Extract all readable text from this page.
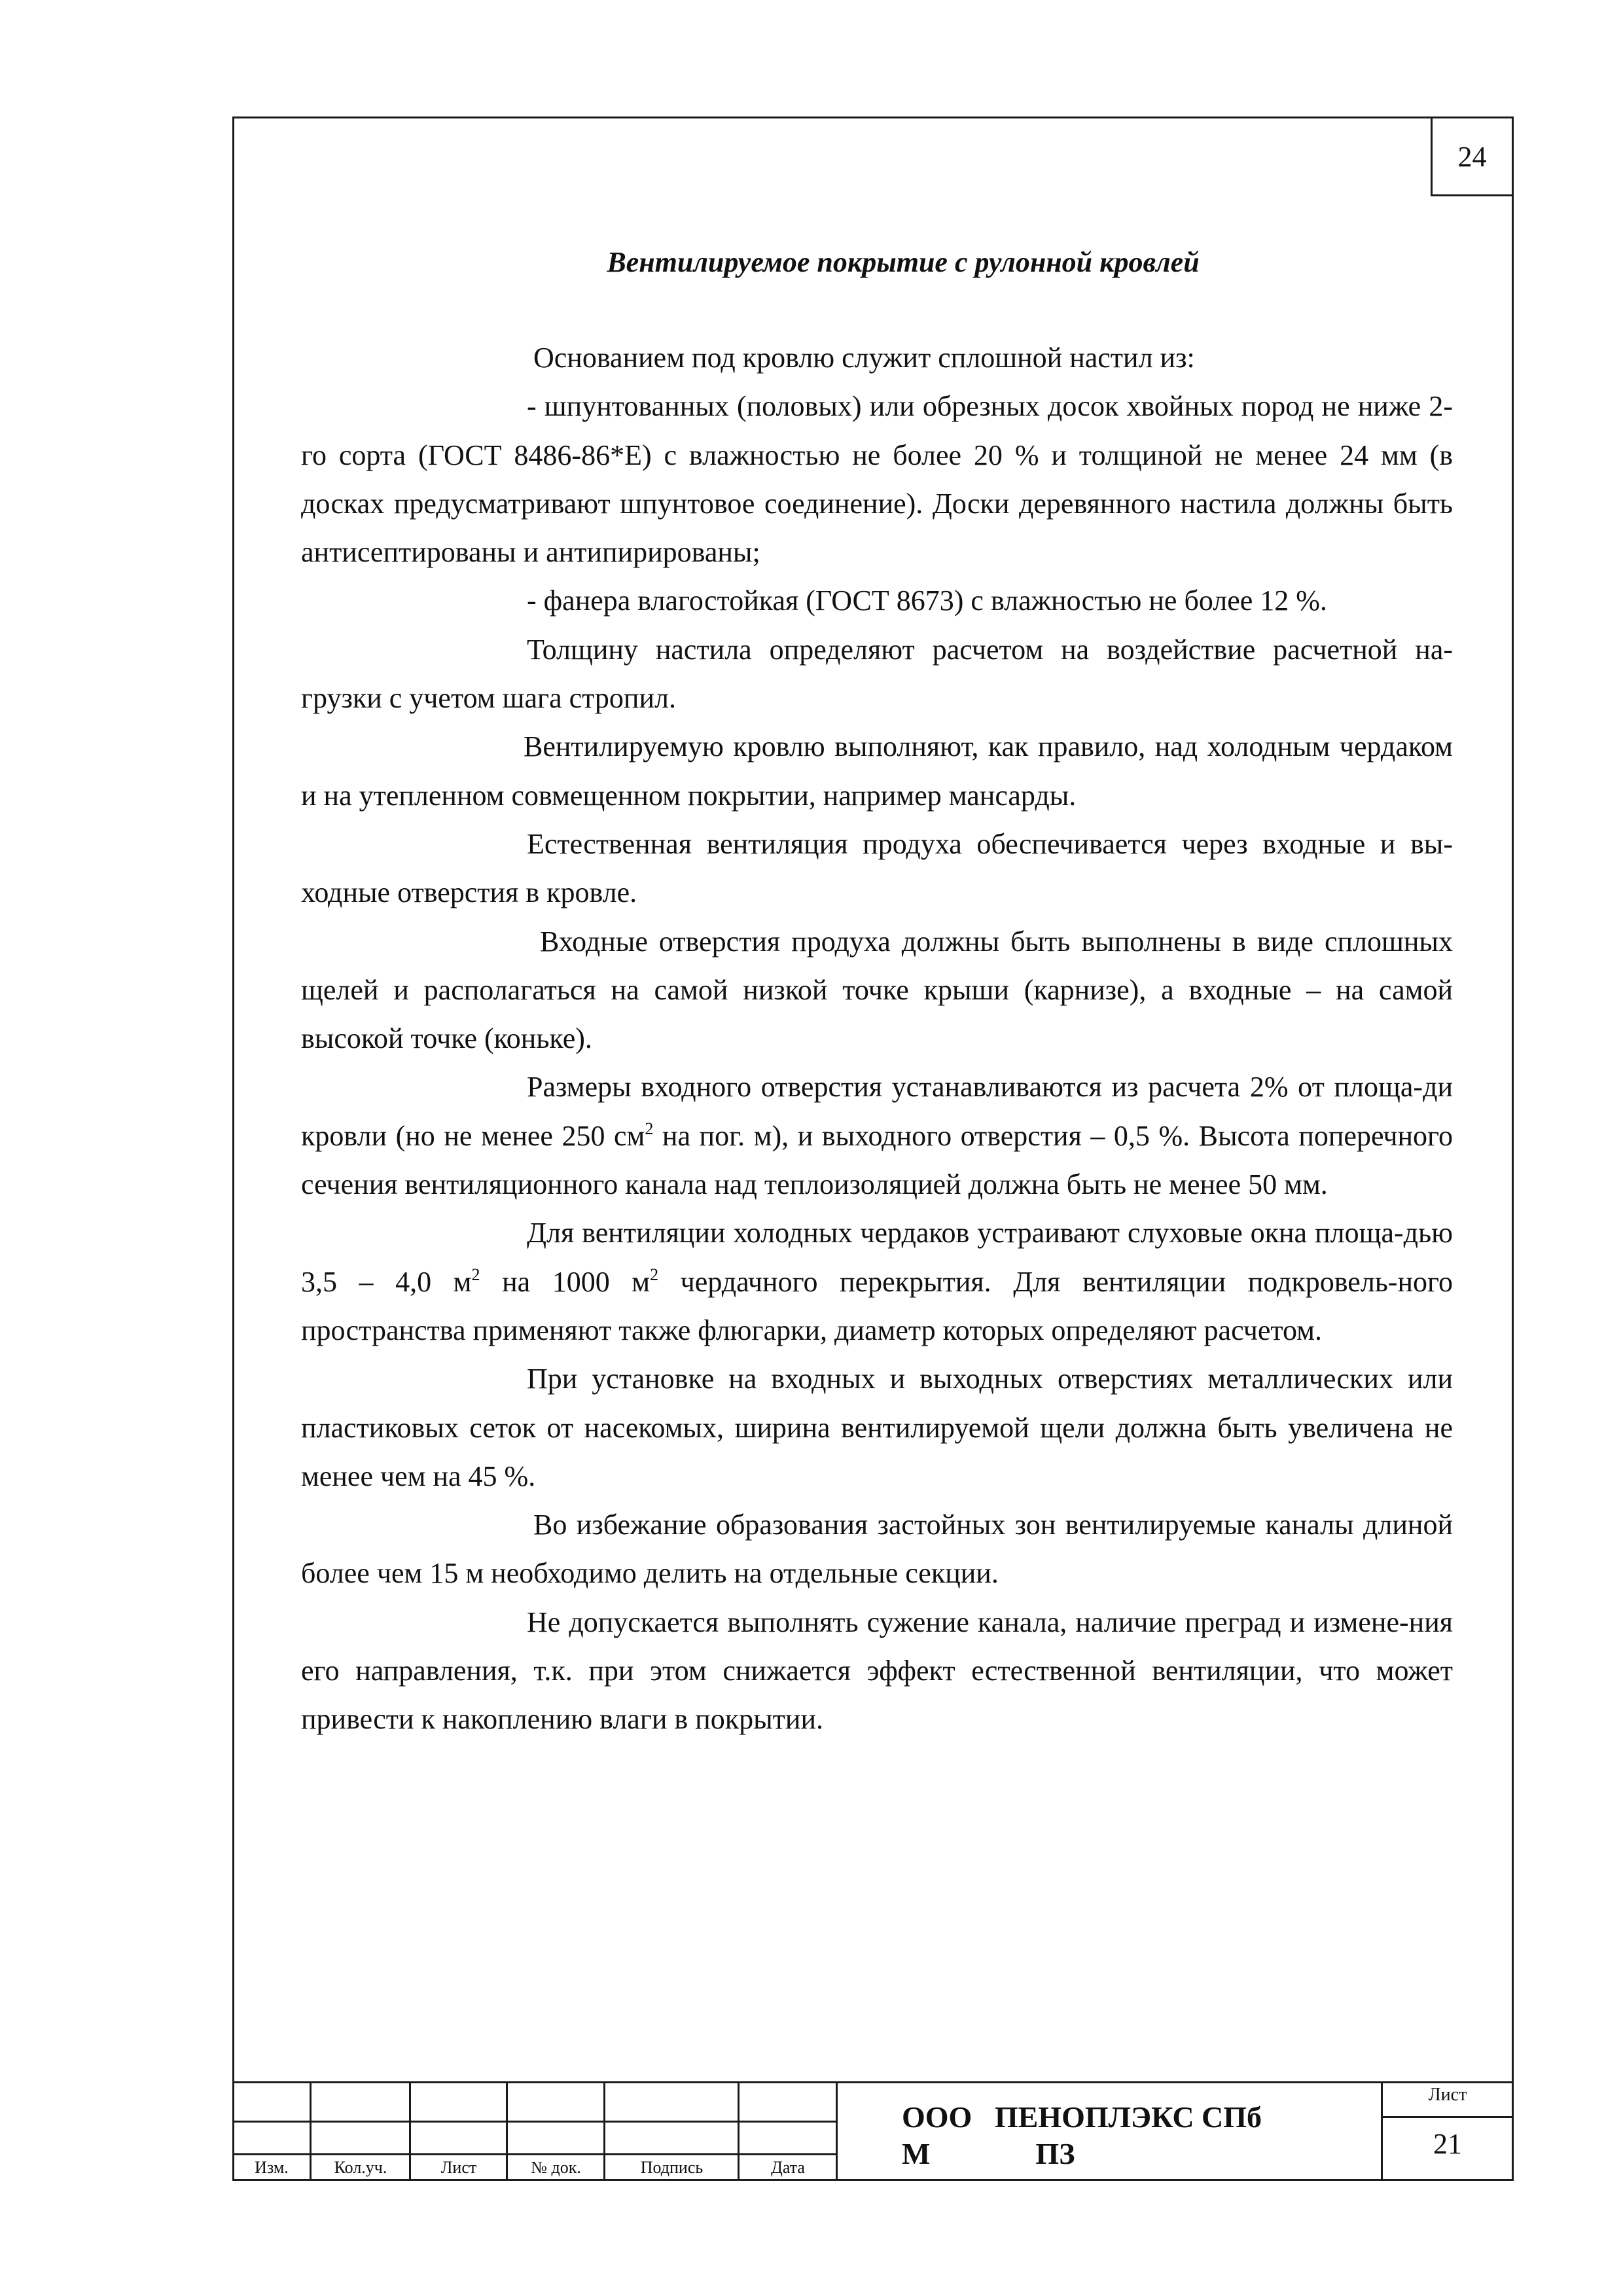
24
Вентилируемое покрытие с рулонной кровлей

Основанием под кровлю служит сплошной настил из:

- шпунтованных (половых) или обрезных досок хвойных пород не ниже 2-го сорта (ГОСТ 8486-86*Е) с влажностью не более 20 % и толщиной не менее 24 мм (в досках предусматривают шпунтовое соединение). Доски деревянного настила должны быть антисептированы и антипирированы;

- фанера влагостойкая (ГОСТ 8673) с влажностью не более 12 %.

Толщину настила определяют расчетом на воздействие расчетной на-грузки с учетом шага стропил.

Вентилируемую кровлю выполняют, как правило, над холодным чердаком и на утепленном совмещенном покрытии, например мансарды.

Естественная вентиляция продуха обеспечивается через входные и вы-ходные отверстия в кровле.

Входные отверстия продуха должны быть выполнены в виде сплошных щелей и располагаться на самой низкой точке крыши (карнизе), а входные – на самой высокой точке (коньке).

Размеры входного отверстия устанавливаются из расчета 2% от площа-ди кровли (но не менее 250 $см^2$ на пог. м), и выходного отверстия – 0,5 %. Высота поперечного сечения вентиляционного канала над теплоизоляцией должна быть не менее 50 мм.

Для вентиляции холодных чердаков устраивают слуховые окна площа-дью 3,5 – 4,0 $м^2$ на 1000 $м^2$ чердачного перекрытия. Для вентиляции подкровель-ного пространства применяют также флюгарки, диаметр которых определяют расчетом.

При установке на входных и выходных отверстиях металлических или пластиковых сеток от насекомых, ширина вентилируемой щели должна быть увеличена не менее чем на 45 %.

Во избежание образования застойных зон вентилируемые каналы длиной более чем 15 м необходимо делить на отдельные секции.

Не допускается выполнять сужение канала, наличие преград и измене-ния его направления, т.к. при этом снижается эффект естественной вентиляции, что может привести к накоплению влаги в покрытии.

Изм.	Кол.уч.	Лист	№ док.	Подпись	Дата
ООО   ПЕНОПЛЭКС СПб
М              ПЗ
Лист
21
